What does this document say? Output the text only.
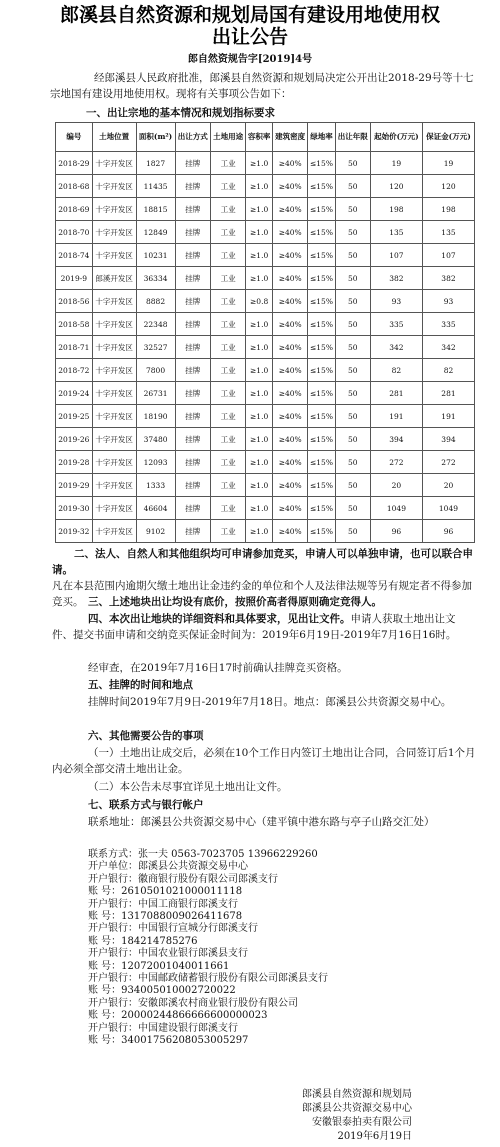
郎溪县自然资源和规划局国有建设用地使用权
出让公告
郎自然资规告字[2019]4号
经郎溪县人民政府批准，郎溪县自然资源和规划局决定公开出让2018-29号等十七宗地国有建设用地使用权。现将有关事项公告如下：
一、出让宗地的基本情况和规划指标要求
编号	土地位置	面积(m²)	出让方式	土地用途	容积率	建筑密度	绿地率	出让年限	起始价(万元)	保证金(万元)
2018-29	十字开发区	1827	挂牌	工业	≥1.0	≥40%	≤15%	50	19	19
2018-68	十字开发区	11435	挂牌	工业	≥1.0	≥40%	≤15%	50	120	120
2018-69	十字开发区	18815	挂牌	工业	≥1.0	≥40%	≤15%	50	198	198
2018-70	十字开发区	12849	挂牌	工业	≥1.0	≥40%	≤15%	50	135	135
2018-74	十字开发区	10231	挂牌	工业	≥1.0	≥40%	≤15%	50	107	107
2019-9	郎溪开发区	36334	挂牌	工业	≥1.0	≥40%	≤15%	50	382	382
2018-56	十字开发区	8882	挂牌	工业	≥0.8	≥40%	≤15%	50	93	93
2018-58	十字开发区	22348	挂牌	工业	≥1.0	≥40%	≤15%	50	335	335
2018-71	十字开发区	32527	挂牌	工业	≥1.0	≥40%	≤15%	50	342	342
2018-72	十字开发区	7800	挂牌	工业	≥1.0	≥40%	≤15%	50	82	82
2019-24	十字开发区	26731	挂牌	工业	≥1.0	≥40%	≤15%	50	281	281
2019-25	十字开发区	18190	挂牌	工业	≥1.0	≥40%	≤15%	50	191	191
2019-26	十字开发区	37480	挂牌	工业	≥1.0	≥40%	≤15%	50	394	394
2019-28	十字开发区	12093	挂牌	工业	≥1.0	≥40%	≤15%	50	272	272
2019-29	十字开发区	1333	挂牌	工业	≥1.0	≥40%	≤15%	50	20	20
2019-30	十字开发区	46604	挂牌	工业	≥1.0	≥40%	≤15%	50	1049	1049
2019-32	十字开发区	9102	挂牌	工业	≥1.0	≥40%	≤15%	50	96	96
二、法人、自然人和其他组织均可申请参加竞买，申请人可以单独申请，也可以联合申请。凡在本县范围内逾期欠缴土地出让金违约金的单位和个人及法律法规等另有规定者不得参加竞买。 三、上述地块出让均设有底价，按照价高者得原则确定竞得人。
四、本次出让地块的详细资料和具体要求，见出让文件。申请人获取土地出让文件、提交书面申请和交纳竞买保证金时间为：2019年6月19日-2019年7月16日16时。
经审查，在2019年7月16日17时前确认挂牌竞买资格。
五、挂牌的时间和地点
挂牌时间2019年7月9日-2019年7月18日。地点：郎溪县公共资源交易中心。
六、其他需要公告的事项
（一）土地出让成交后，必须在10个工作日内签订土地出让合同，合同签订后1个月内必须全部交清土地出让金。
（二）本公告未尽事宜详见土地出让文件。
七、联系方式与银行帐户
联系地址：郎溪县公共资源交易中心（建平镇中港东路与亭子山路交汇处）
联系方式：张一夫 0563-7023705 13966229260
开户单位：郎溪县公共资源交易中心
开户银行：徽商银行股份有限公司郎溪支行
账 号：2610501021000011118
开户银行：中国工商银行郎溪支行
账 号：1317088009026411678
开户银行：中国银行宣城分行郎溪支行
账 号：184214785276
开户银行：中国农业银行郎溪县支行
账 号：12072001040011661
开户银行：中国邮政储蓄银行股份有限公司郎溪县支行
账 号：934005010002720022
开户银行：安徽郎溪农村商业银行股份有限公司
账 号：20000244866666600000023
开户银行：中国建设银行郎溪支行
账 号：34001756208053005297
郎溪县自然资源和规划局
郎溪县公共资源交易中心
安徽银泰拍卖有限公司
2019年6月19日
